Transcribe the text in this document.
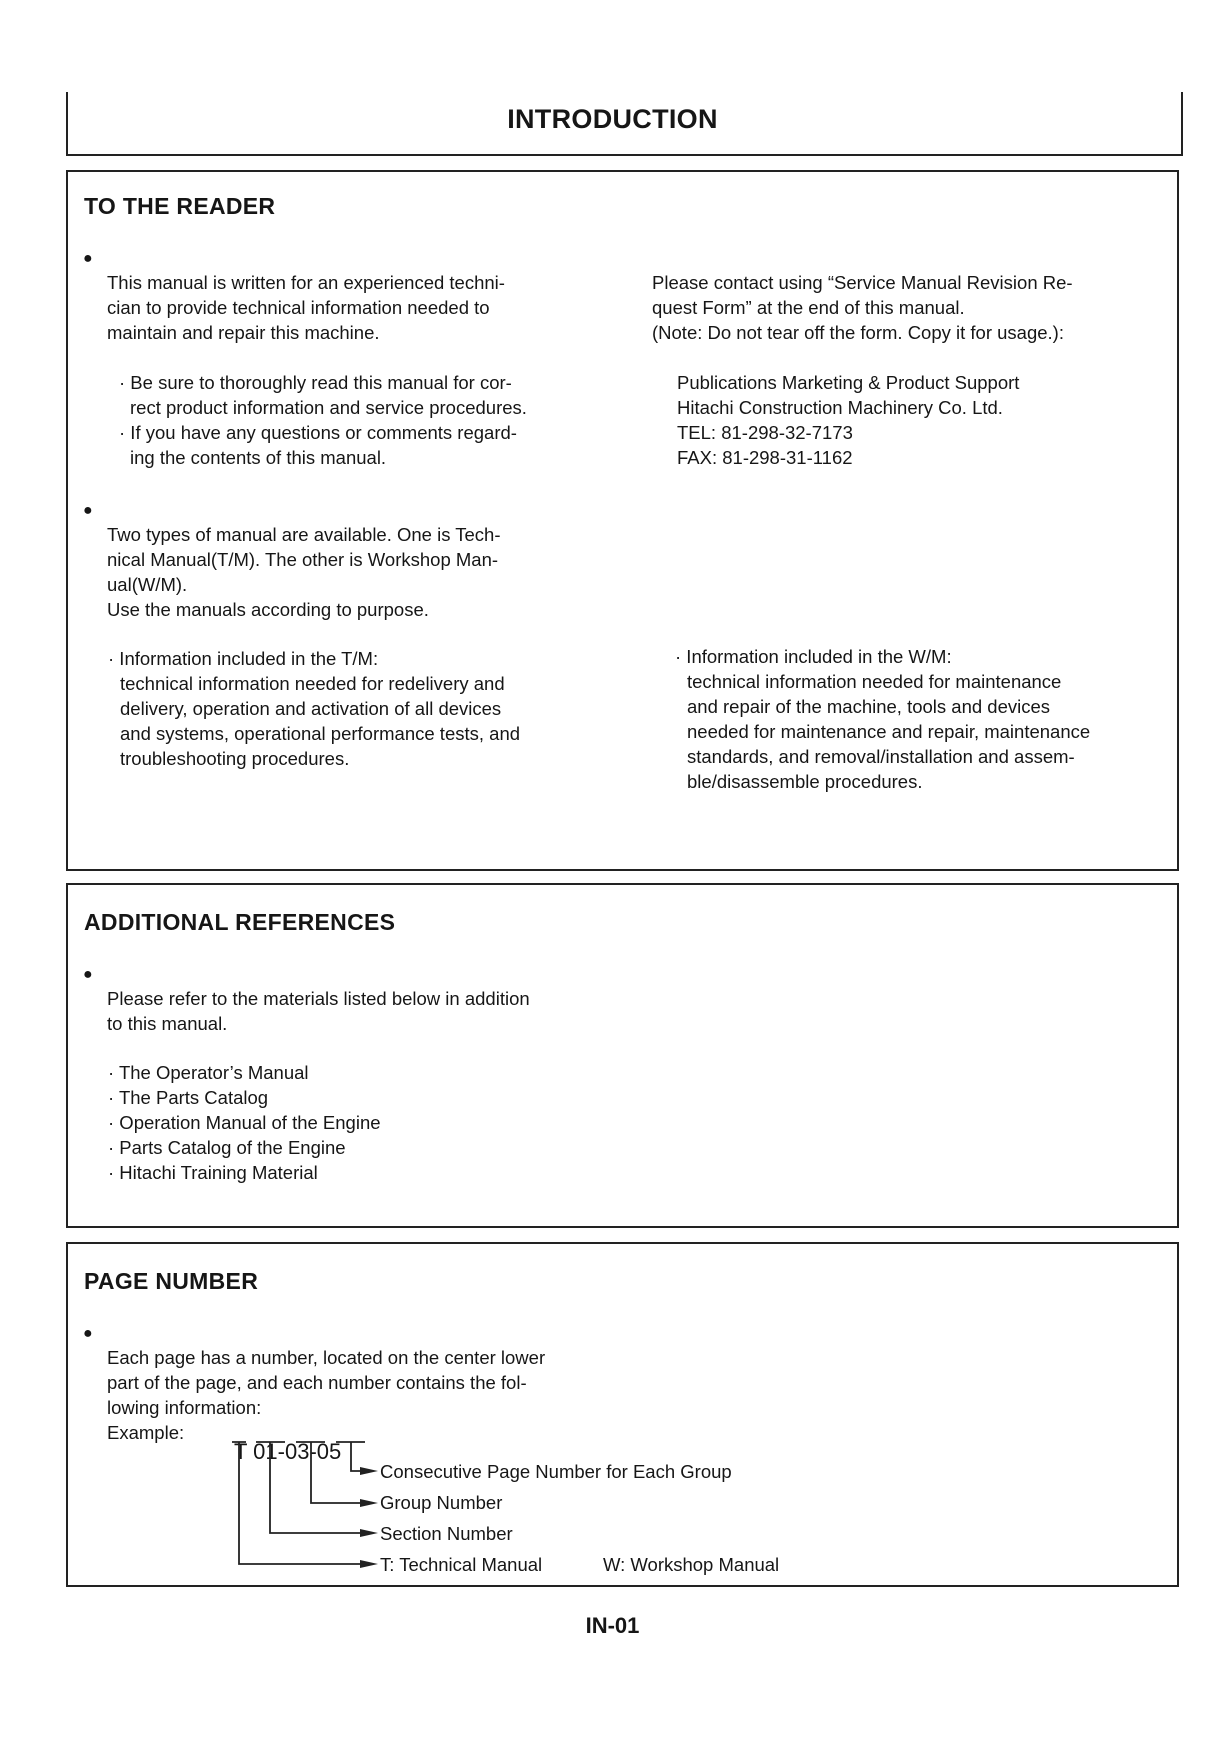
INTRODUCTION
TO THE READER
●

This manual is written for an experienced techni-
cian to provide technical information needed to
maintain and repair this machine.

· Be sure to thoroughly read this manual for cor-
rect product information and service procedures.
· If you have any questions or comments regard-
ing the contents of this manual.

Please contact using “Service Manual Revision Re-
quest Form” at the end of this manual.
(Note: Do not tear off the form. Copy it for usage.):

Publications Marketing & Product Support
Hitachi Construction Machinery Co. Ltd.
TEL: 81-298-32-7173
FAX: 81-298-31-1162
●

Two types of manual are available. One is Tech-
nical Manual(T/M). The other is Workshop Man-
ual(W/M).
Use the manuals according to purpose.

· Information included in the T/M:
technical information needed for redelivery and
delivery, operation and activation of all devices
and systems, operational performance tests, and
troubleshooting procedures.

· Information included in the W/M:
technical information needed for maintenance
and repair of the machine, tools and devices
needed for maintenance and repair, maintenance
standards, and removal/installation and assem-
ble/disassemble procedures.
ADDITIONAL REFERENCES
●

Please refer to the materials listed below in addition
to this manual.

· The Operator’s Manual
· The Parts Catalog
· Operation Manual of the Engine
· Parts Catalog of the Engine
· Hitachi Training Material
PAGE NUMBER
●

Each page has a number, located on the center lower
part of the page, and each number contains the fol-
lowing information:
Example:

T 01-03-05
Consecutive Page Number for Each Group
Group Number
Section Number
T: Technical Manual	W: Workshop Manual
IN-01
